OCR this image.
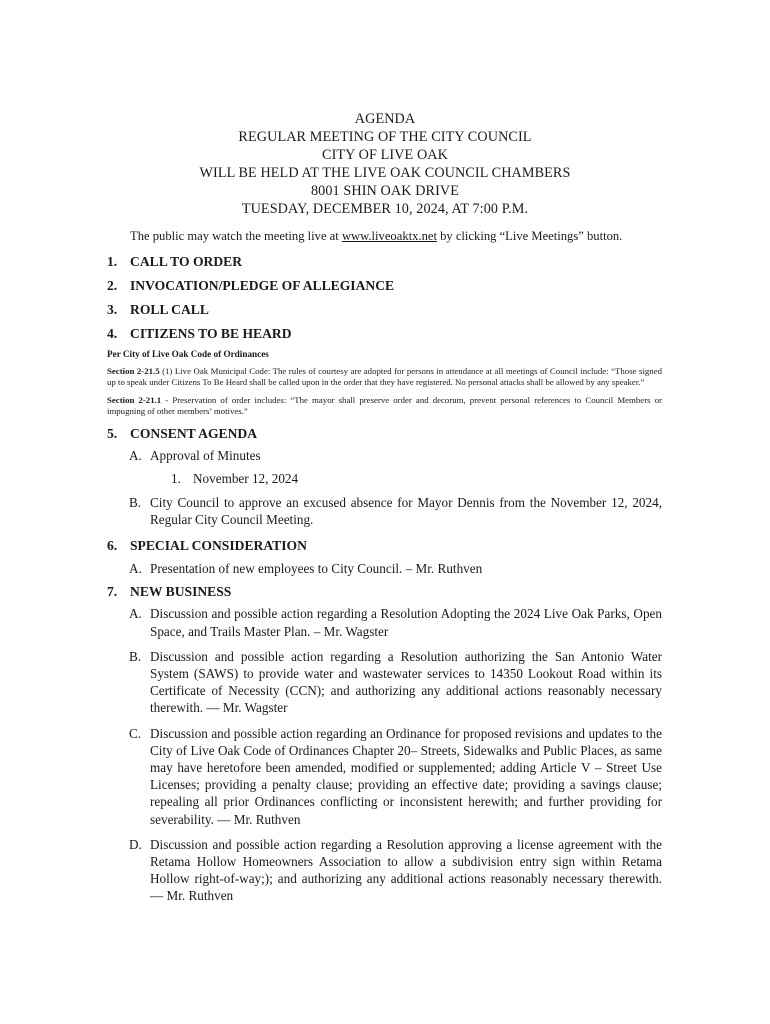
AGENDA
REGULAR MEETING OF THE CITY COUNCIL
CITY OF LIVE OAK
WILL BE HELD AT THE LIVE OAK COUNCIL CHAMBERS
8001 SHIN OAK DRIVE
TUESDAY, DECEMBER 10, 2024, AT 7:00 P.M.
The public may watch the meeting live at www.liveoaktx.net by clicking “Live Meetings” button.
1. CALL TO ORDER
2. INVOCATION/PLEDGE OF ALLEGIANCE
3. ROLL CALL
4. CITIZENS TO BE HEARD
Per City of Live Oak Code of Ordinances
Section 2-21.5 (1) Live Oak Municipal Code: The rules of courtesy are adopted for persons in attendance at all meetings of Council include: “Those signed up to speak under Citizens To Be Heard shall be called upon in the order that they have registered. No personal attacks shall be allowed by any speaker.”
Section 2-21.1 - Preservation of order includes: “The mayor shall preserve order and decorum, prevent personal references to Council Members or impugning of other members’ motives.”
5. CONSENT AGENDA
A. Approval of Minutes
1. November 12, 2024
B. City Council to approve an excused absence for Mayor Dennis from the November 12, 2024, Regular City Council Meeting.
6. SPECIAL CONSIDERATION
A. Presentation of new employees to City Council. – Mr. Ruthven
7. NEW BUSINESS
A. Discussion and possible action regarding a Resolution Adopting the 2024 Live Oak Parks, Open Space, and Trails Master Plan. – Mr. Wagster
B. Discussion and possible action regarding a Resolution authorizing the San Antonio Water System (SAWS) to provide water and wastewater services to 14350 Lookout Road within its Certificate of Necessity (CCN); and authorizing any additional actions reasonably necessary therewith. — Mr. Wagster
C. Discussion and possible action regarding an Ordinance for proposed revisions and updates to the City of Live Oak Code of Ordinances Chapter 20– Streets, Sidewalks and Public Places, as same may have heretofore been amended, modified or supplemented; adding Article V – Street Use Licenses; providing a penalty clause; providing an effective date; providing a savings clause; repealing all prior Ordinances conflicting or inconsistent herewith; and further providing for severability. — Mr. Ruthven
D. Discussion and possible action regarding a Resolution approving a license agreement with the Retama Hollow Homeowners Association to allow a subdivision entry sign within Retama Hollow right-of-way;); and authorizing any additional actions reasonably necessary therewith. — Mr. Ruthven
